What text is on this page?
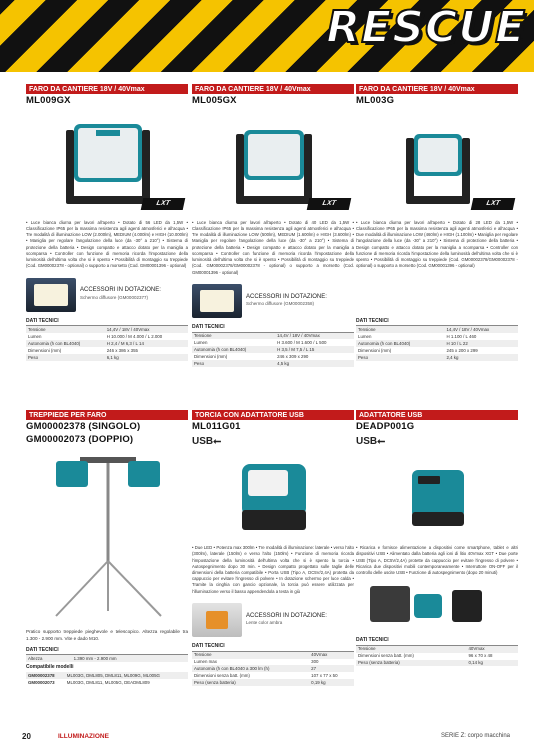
RESCUE
FARO DA CANTIERE 18V / 40Vmax
ML009GX
LXT
• Luce bianca diurna per lavori all'aperto • Dotato di 56 LED da 1,5W • Classificazione IP65 per la massima resistenza agli agenti atmosferici e all'acqua • Tre modalità di illuminazione LOW (2.000lm), MEDIUM (4.000lm) e HIGH (10.000lm) • Maniglia per regolare l'angolazione della luce (da -30° a 210°) • Sistema di protezione della batteria • Design compatto e attacco dotato per la maniglia a scomparsa • Controller con funzione di memoria ricorda l'impostazione della luminosità dell'ultima volta che si è spento • Possibilità di montaggio su treppiede (Cod. GM00002378 - optional) o supporto a morsetto (Cod. GM00001396 - optional)
ACCESSORI IN DOTAZIONE:
Schermo diffusore (GM00002377)
DATI TECNICI
Tensione	14,4V / 18V / 40Vmax
Lumen	H 10.000 / M 4.000 / L 2.000
Autonomia (h con BL4040)	H 2,4 / M 6,3 / L 14
Dimensioni (mm)	246 x 386 x 355
Peso	6,1 kg
FARO DA CANTIERE 18V / 40Vmax
ML005GX
LXT
• Luce bianca diurna per lavori all'aperto • Dotato di 40 LED da 1,5W • Classificazione IP65 per la massima resistenza agli agenti atmosferici e all'acqua • Tre modalità di illuminazione LOW (500lm), MEDIUM (1.600lm) e HIGH (3.600lm) • Maniglia per regolare l'angolazione della luce (da -30° a 210°) • Sistema di protezione della batteria • Design compatto e attacco dotato per la maniglia a scomparsa • Controller con funzione di memoria ricorda l'impostazione della luminosità dell'ultima volta che si è spento • Possibilità di montaggio su treppiede (Cod. GM00002378/GM00002378 - optional) o supporto a morsetto (Cod. GM00001396 - optional)
ACCESSORI IN DOTAZIONE:
Schermo diffusore (GM00002358)
DATI TECNICI
Tensione	14,4V / 18V / 40Vmax
Lumen	H 3.600 / M 1.600 / L 500
Autonomia (h con BL4040)	H 3,5 / M 7,5 / L 15
Dimensioni (mm)	246 x 309 x 290
Peso	4,5 kg
FARO DA CANTIERE 18V / 40Vmax
ML003G
LXT
• Luce bianca diurna per lavori all'aperto • Dotato di 28 LED da 1,5W • Classificazione IP65 per la massima resistenza agli agenti atmosferici e all'acqua • Due modalità di illuminazione LOW (460lm) e HIGH (1.100lm) • Maniglia per regolare l'angolazione della luce (da -30° a 210°) • Sistema di protezione della batteria • Design compatto e attacco dotato per la maniglia a scomparsa • Controller con funzione di memoria ricorda l'impostazione della luminosità dell'ultima volta che si è spento • Possibilità di montaggio su treppiede (Cod. GM00002378/GM00002378 - optional) o supporto a morsetto (Cod. GM00001396 - optional)
DATI TECNICI
Tensione	14,4V / 18V / 40Vmax
Lumen	H 1.100 / L 460
Autonomia (h con BL4040)	H 10 / L 22
Dimensioni (mm)	245 x 200 x 299
Peso	2,4 kg
TREPPIEDE PER FARO
GM00002378 (SINGOLO)
GM00002073 (DOPPIO)
Pratico supporto treppiede pieghevole e telescopico. Altezza regolabile tra 1.300 - 2.900 mm. Vite e dado M10.
DATI TECNICI
Altezza	1.390 mm - 2.900 mm
Compatibile modelli
GM00002378	ML003G, DML805, DML811, ML009G, ML005G
GM00002073	ML003G, DML811, ML005G, DEADML809
TORCIA CON ADATTATORE USB
ML011G01
USB⭠
• Due LED • Potenza max 300lm • Tre modalità di illuminazione: laterale • verso l'alto (300lm), laterale (150lm) e verso l'alto (150lm) • Funzione di memoria ricorda l'impostazione della luminosità dell'ultima volta che si è spento la torcia • Autospegnimento dopo 30 min. • Design compatto progettato sulle taglie delle dimensioni della batteria compatibile • Porta USB (Tipo A, DC5V/2,4A) protetta da cappuccio per evitare l'ingresso di polvere • In dotazione schermo per luce calda • Tramite la cinghia con gancio opzionale, la torcia può essere utilizzata per l'illuminazione verso il basso appendendola a testa in giù
ACCESSORI IN DOTAZIONE:
Lente color ambra
DATI TECNICI
Tensione	40Vmax
Lumen max	300
Autonomia (h con BL4040 a 300 lm (h)	27
Dimensioni senza batt. (mm)	107 x 77 x 50
Peso (senza batteria)	0,19 kg
ADATTATORE USB
DEADP001G
USB⭠
• Ricarica e fornisce alimentazione a dispositivi come smartphone, tablet e altri dispositivi USB • Alimentato dalla batteria agli ioni di litio 40Vmax XGT • Due porte USB (Tipo A, DC5V/2,4A) protette da cappuccio per evitare l'ingresso di polvere • Ricarica due dispositivi mobili contemporaneamente • Interruttore ON-OFF per il controllo delle uscite USB • Funzione di autospegnimento (dopo 20 minuti)
DATI TECNICI
Tensione	40Vmax
Dimensioni senza batt. (mm)	96 x 70 x 48
Peso (senza batteria)	0,14 kg
20	ILLUMINAZIONE	SERIE Z: corpo macchina
